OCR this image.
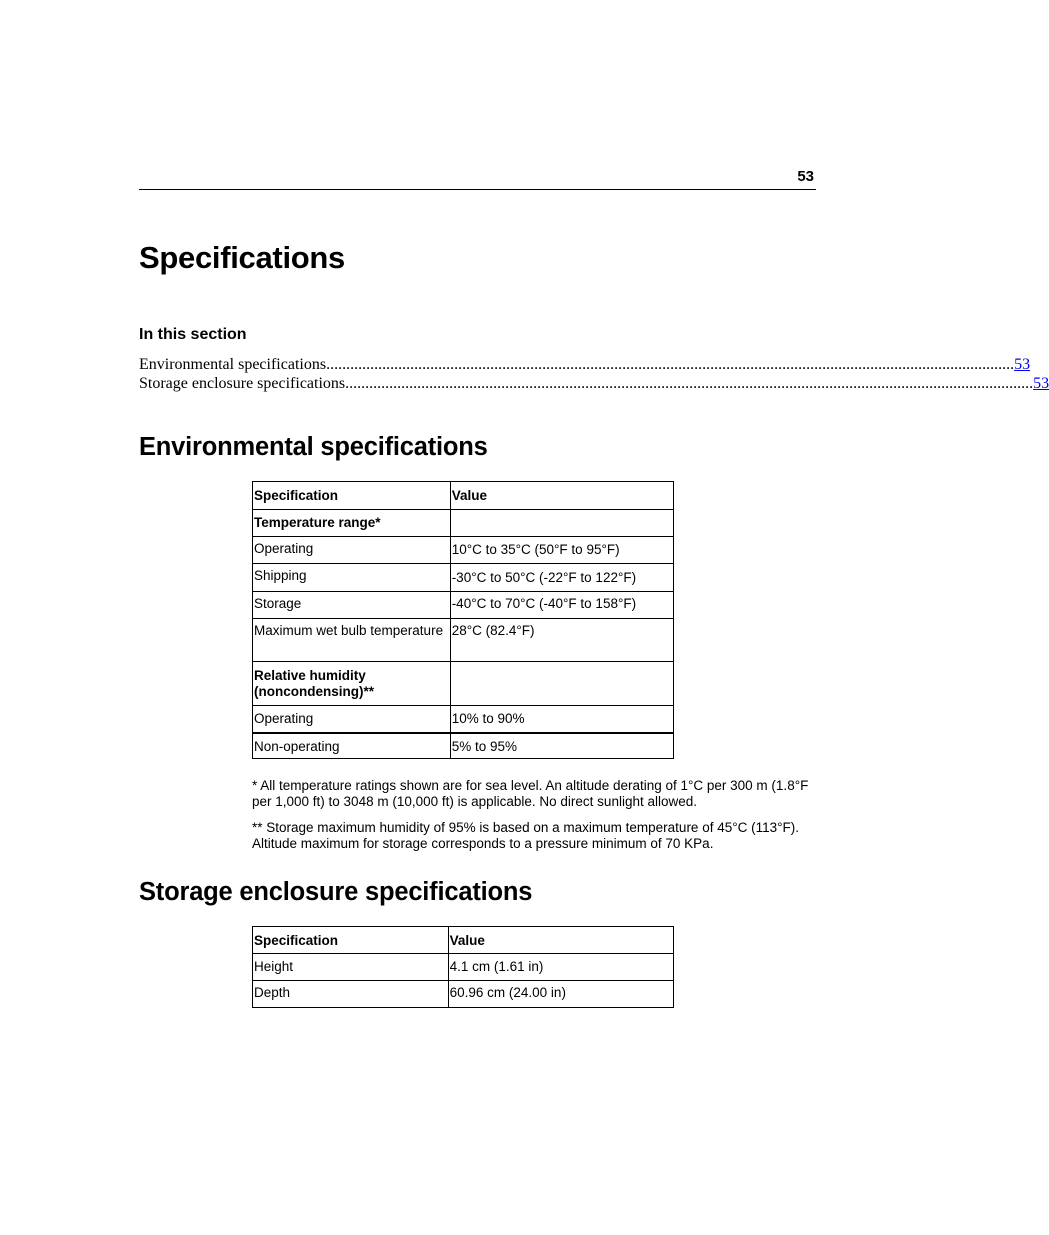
53
Specifications
In this section
Environmental specifications ............................................................................................................................................................................ 53
Storage enclosure specifications ............................................................................................................................................................................ 53
Environmental specifications
Specification	Value
Temperature range*	
Operating	10°C to 35°C (50°F to 95°F)
Shipping	-30°C to 50°C (-22°F to 122°F)
Storage	-40°C to 70°C (-40°F to 158°F)
Maximum wet bulb temperature	28°C (82.4°F)
Relative humidity (noncondensing)**	
Operating	10% to 90%
Non-operating	5% to 95%

* All temperature ratings shown are for sea level. An altitude derating of 1°C per 300 m (1.8°F per 1,000 ft) to 3048 m (10,000 ft) is applicable. No direct sunlight allowed.

** Storage maximum humidity of 95% is based on a maximum temperature of 45°C (113°F). Altitude maximum for storage corresponds to a pressure minimum of 70 KPa.

Storage enclosure specifications
Specification	Value
Height	4.1 cm (1.61 in)
Depth	60.96 cm (24.00 in)
